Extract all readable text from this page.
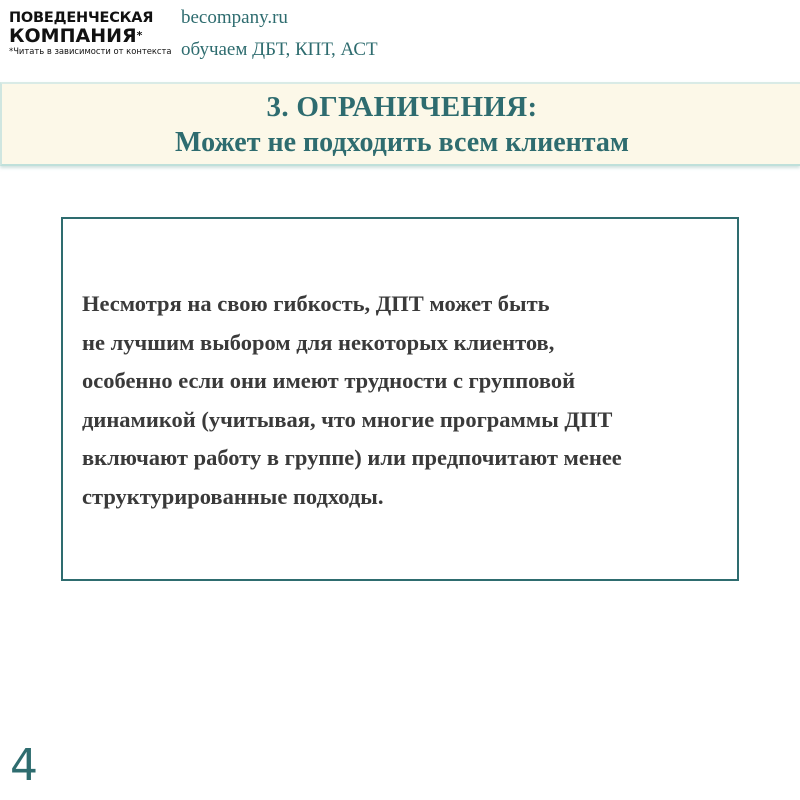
ПОВЕДЕНЧЕСКАЯ
КОМПАНИЯ*
*Читать в зависимости от контекста
becompany.ru
обучаем ДБТ, КПТ, АСТ
3. ОГРАНИЧЕНИЯ:
Может не подходить всем клиентам
Несмотря на свою гибкость, ДПТ может быть
не лучшим выбором для некоторых клиентов,
особенно если они имеют трудности с групповой
динамикой (учитывая, что многие программы ДПТ
включают работу в группе) или предпочитают менее
структурированные подходы.
4
